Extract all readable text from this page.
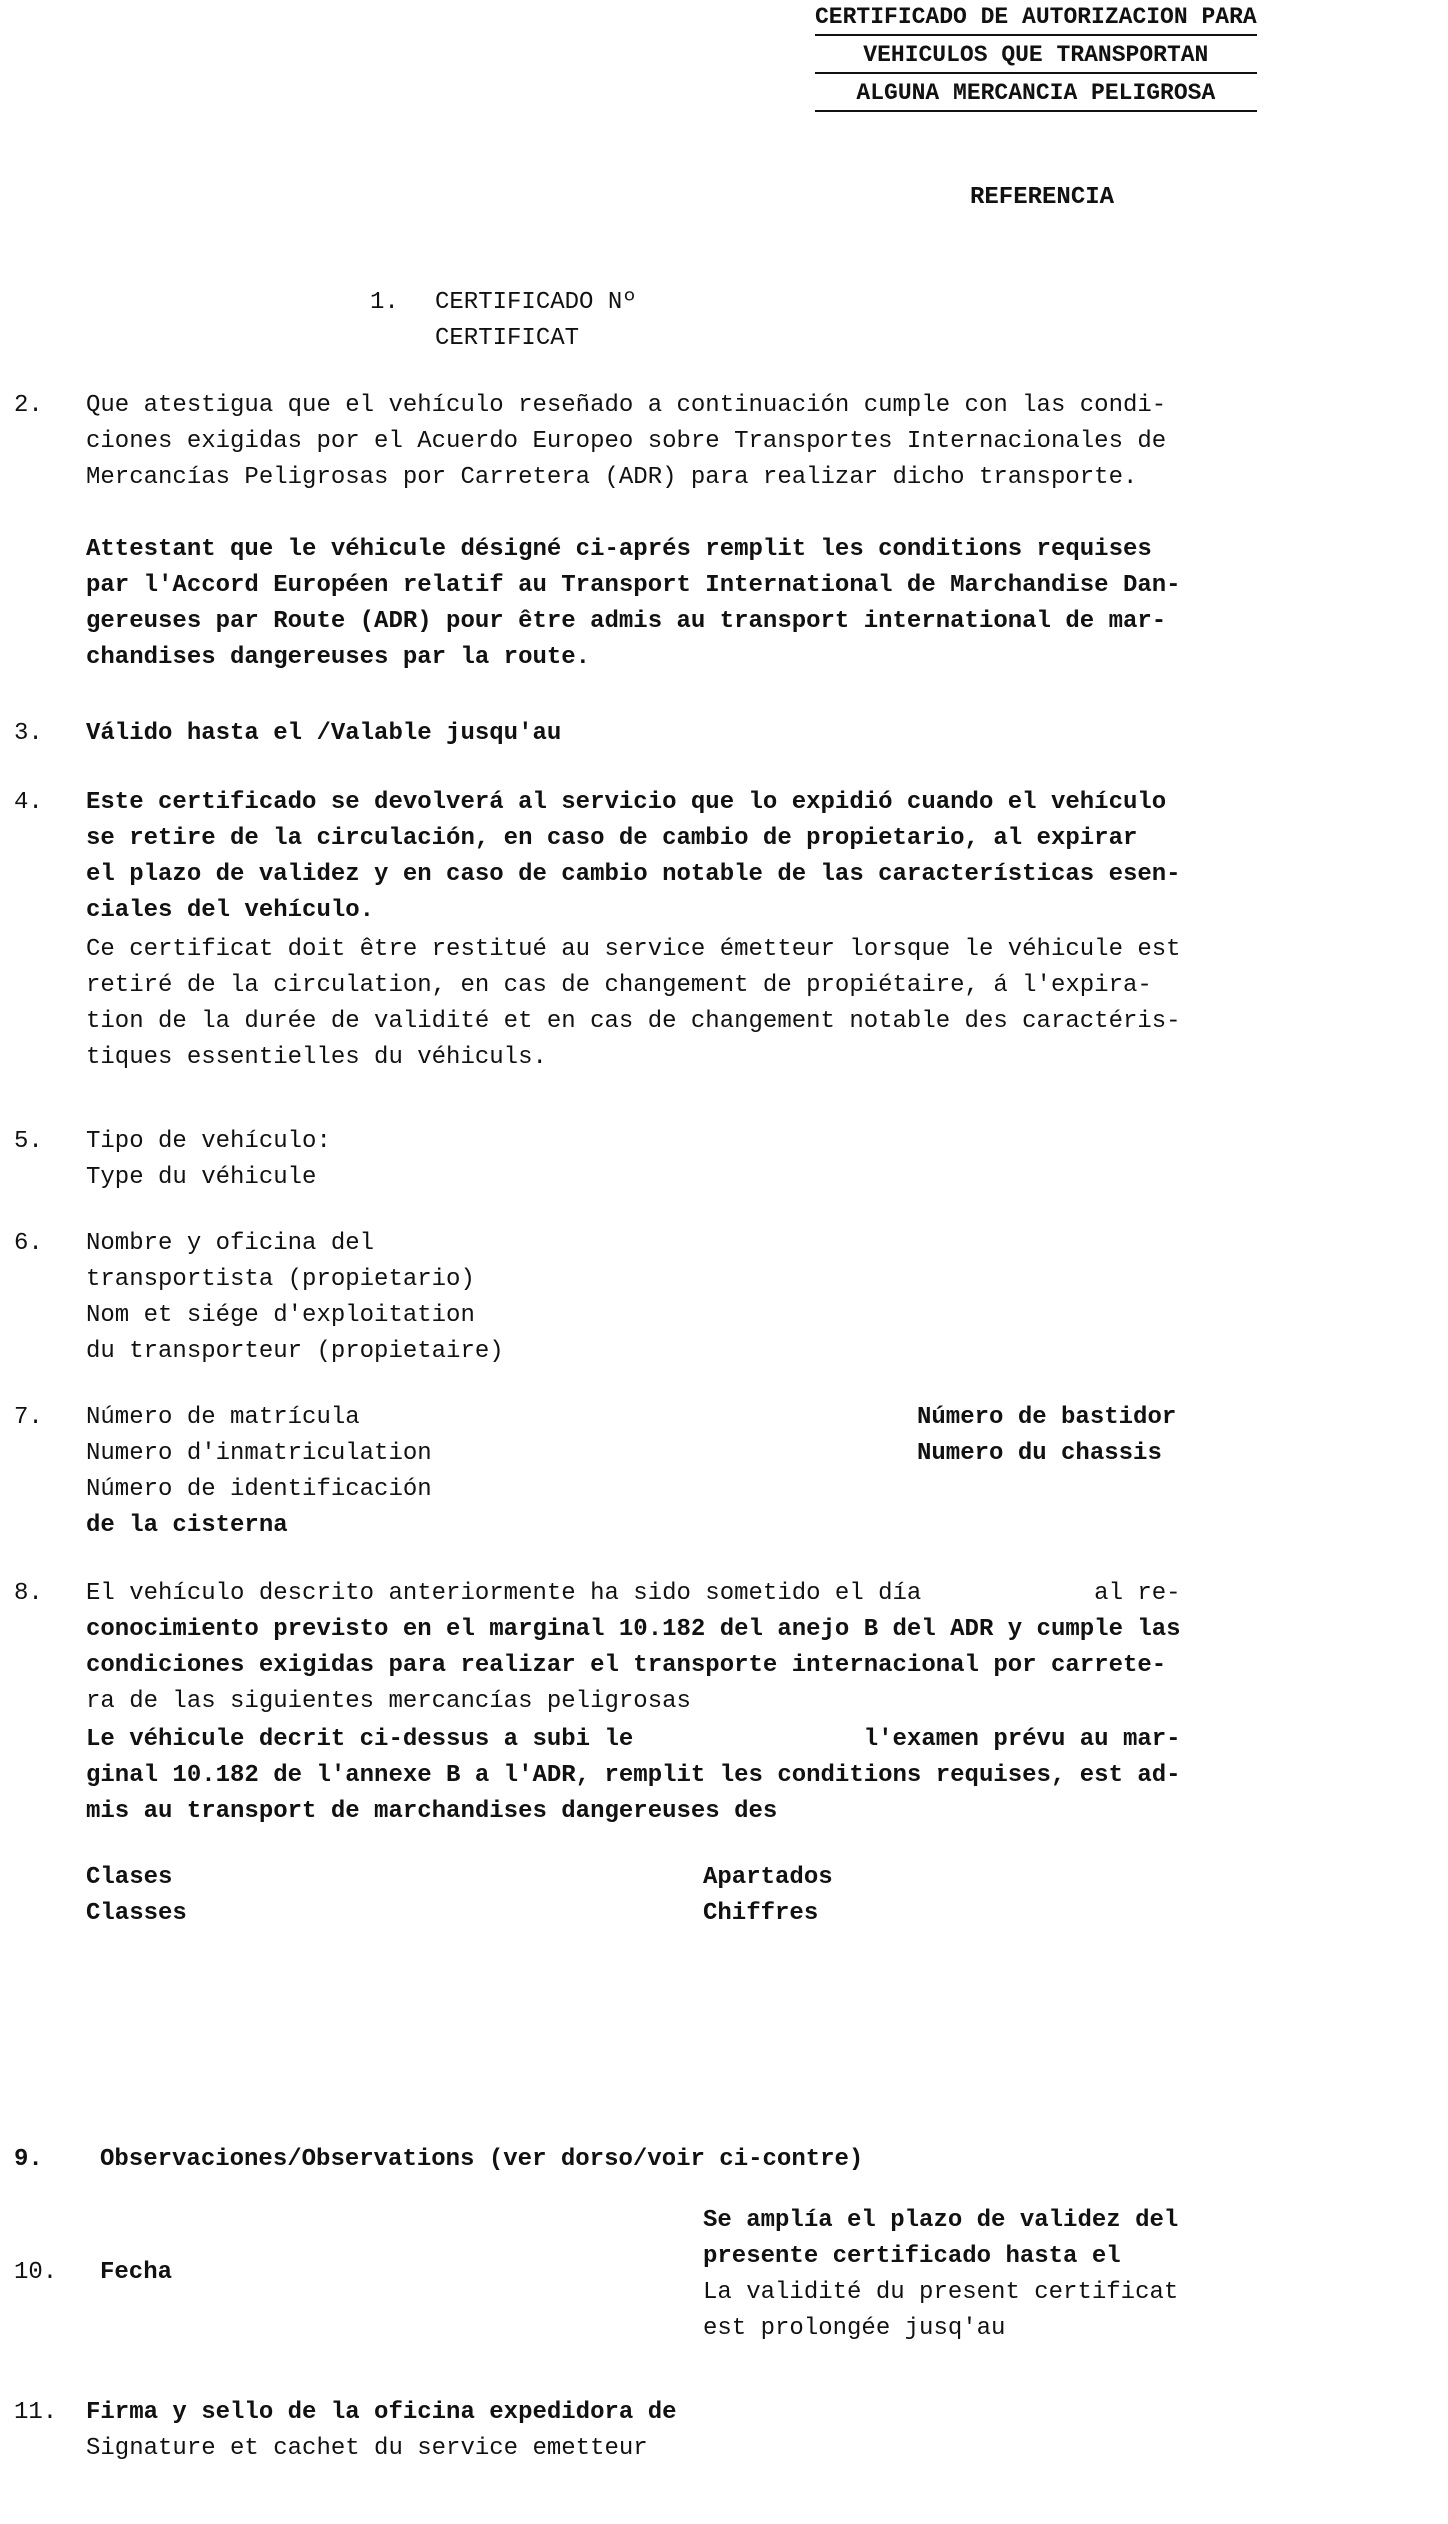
CERTIFICADO DE AUTORIZACION PARA
VEHICULOS QUE TRANSPORTAN
ALGUNA MERCANCIA PELIGROSA
REFERENCIA
1. CERTIFICADO Nº
CERTIFICAT
2. Que atestigua que el vehículo reseñado a continuación cumple con las condi-
ciones exigidas por el Acuerdo Europeo sobre Transportes Internacionales de
Mercancías Peligrosas por Carretera (ADR) para realizar dicho transporte.
Attestant que le véhicule désigné ci-aprés remplit les conditions requises
par l'Accord Européen relatif au Transport International de Marchandise Dan-
gereuses par Route (ADR) pour être admis au transport international de mar-
chandises dangereuses par la route.
3. Válido hasta el /Valable jusqu'au
4. Este certificado se devolverá al servicio que lo expidió cuando el vehículo
se retire de la circulación, en caso de cambio de propietario, al expirar
el plazo de validez y en caso de cambio notable de las características esen-
ciales del vehículo.
Ce certificat doit être restitué au service émetteur lorsque le véhicule est
retiré de la circulation, en cas de changement de propiétaire, á l'expira-
tion de la durée de validité et en cas de changement notable des caractéris-
tiques essentielles du véhiculs.
5. Tipo de vehículo:
Type du véhicule
6. Nombre y oficina del
transportista (propietario)
Nom et siége d'exploitation
du transporteur (propietaire)
7. Número de matrícula
Numero d'inmatriculation
Número de identificación
de la cisterna
Número de bastidor
Numero du chassis
8. El vehículo descrito anteriormente ha sido sometido el día            al re-
conocimiento previsto en el marginal 10.182 del anejo B del ADR y cumple las
condiciones exigidas para realizar el transporte internacional por carrete-
ra de las siguientes mercancías peligrosas
Le véhicule decrit ci-dessus a subi le                l'examen prévu au mar-
ginal 10.182 de l'annexe B a l'ADR, remplit les conditions requises, est ad-
mis au transport de marchandises dangereuses des
Clases
Classes
Apartados
Chiffres
9. Observaciones/Observations (ver dorso/voir ci-contre)
10. Fecha
Se amplía el plazo de validez del
presente certificado hasta el
La validité du present certificat
est prolongée jusq'au
11. Firma y sello de la oficina expedidora de
Signature et cachet du service emetteur
